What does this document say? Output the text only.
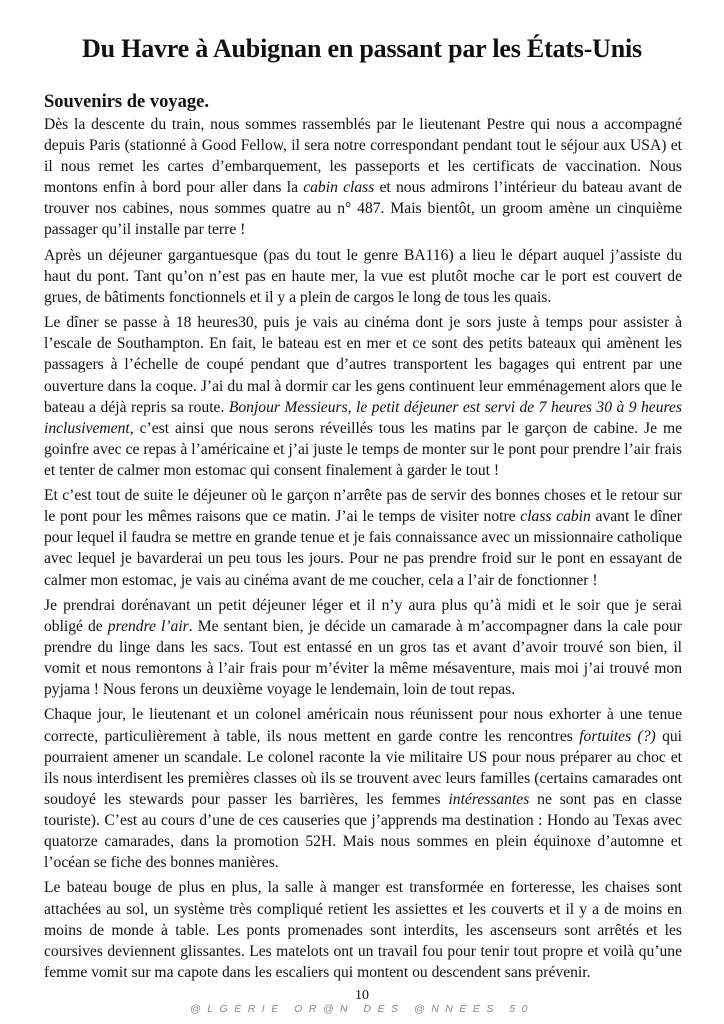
Du Havre à Aubignan en passant par les États-Unis
Souvenirs de voyage.

Dès la descente du train, nous sommes rassemblés par le lieutenant Pestre qui nous a accompagné depuis Paris (stationné à Good Fellow, il sera notre correspondant pendant tout le séjour aux USA) et il nous remet les cartes d’embarquement, les passeports et les certificats de vaccination. Nous montons enfin à bord pour aller dans la cabin class et nous admirons l’intérieur du bateau avant de trouver nos cabines, nous sommes quatre au n° 487. Mais bientôt, un groom amène un cinquième passager qu’il installe par terre !

Après un déjeuner gargantuesque (pas du tout le genre BA116) a lieu le départ auquel j’assiste du haut du pont. Tant qu’on n’est pas en haute mer, la vue est plutôt moche car le port est couvert de grues, de bâtiments fonctionnels et il y a plein de cargos le long de tous les quais.

Le dîner se passe à 18 heures30, puis je vais au cinéma dont je sors juste à temps pour assister à l’escale de Southampton. En fait, le bateau est en mer et ce sont des petits bateaux qui amènent les passagers à l’échelle de coupé pendant que d’autres transportent les bagages qui entrent par une ouverture dans la coque. J’ai du mal à dormir car les gens continuent leur emménagement alors que le bateau a déjà repris sa route. Bonjour Messieurs, le petit déjeuner est servi de 7 heures 30 à 9 heures inclusivement, c’est ainsi que nous serons réveillés tous les matins par le garçon de cabine. Je me goinfre avec ce repas à l’américaine et j’ai juste le temps de monter sur le pont pour prendre l’air frais et tenter de calmer mon estomac qui consent finalement à garder le tout !

Et c’est tout de suite le déjeuner où le garçon n’arrête pas de servir des bonnes choses et le retour sur le pont pour les mêmes raisons que ce matin. J’ai le temps de visiter notre class cabin avant le dîner pour lequel il faudra se mettre en grande tenue et je fais connaissance avec un missionnaire catholique avec lequel je bavarderai un peu tous les jours. Pour ne pas prendre froid sur le pont en essayant de calmer mon estomac, je vais au cinéma avant de me coucher, cela a l’air de fonctionner !

Je prendrai dorénavant un petit déjeuner léger et il n’y aura plus qu’à midi et le soir que je serai obligé de prendre l’air. Me sentant bien, je décide un camarade à m’accompagner dans la cale pour prendre du linge dans les sacs. Tout est entassé en un gros tas et avant d’avoir trouvé son bien, il vomit et nous remontons à l’air frais pour m’éviter la même mésaventure, mais moi j’ai trouvé mon pyjama ! Nous ferons un deuxième voyage le lendemain, loin de tout repas.

Chaque jour, le lieutenant et un colonel américain nous réunissent pour nous exhorter à une tenue correcte, particulièrement à table, ils nous mettent en garde contre les rencontres fortuites (?) qui pourraient amener un scandale. Le colonel raconte la vie militaire US pour nous préparer au choc et ils nous interdisent les premières classes où ils se trouvent avec leurs familles (certains camarades ont soudoyé les stewards pour passer les barrières, les femmes intéressantes ne sont pas en classe touriste). C’est au cours d’une de ces causeries que j’apprends ma destination : Hondo au Texas avec quatorze camarades, dans la promotion 52H. Mais nous sommes en plein équinoxe d’automne et l’océan se fiche des bonnes manières.

Le bateau bouge de plus en plus, la salle à manger est transformée en forteresse, les chaises sont attachées au sol, un système très compliqué retient les assiettes et les couverts et il y a de moins en moins de monde à table. Les ponts promenades sont interdits, les ascenseurs sont arrêtés et les coursives deviennent glissantes. Les matelots ont un travail fou pour tenir tout propre et voilà qu’une femme vomit sur ma capote dans les escaliers qui montent ou descendent sans prévenir.

10
@LGERIE OR@N DES @NNEES 50
